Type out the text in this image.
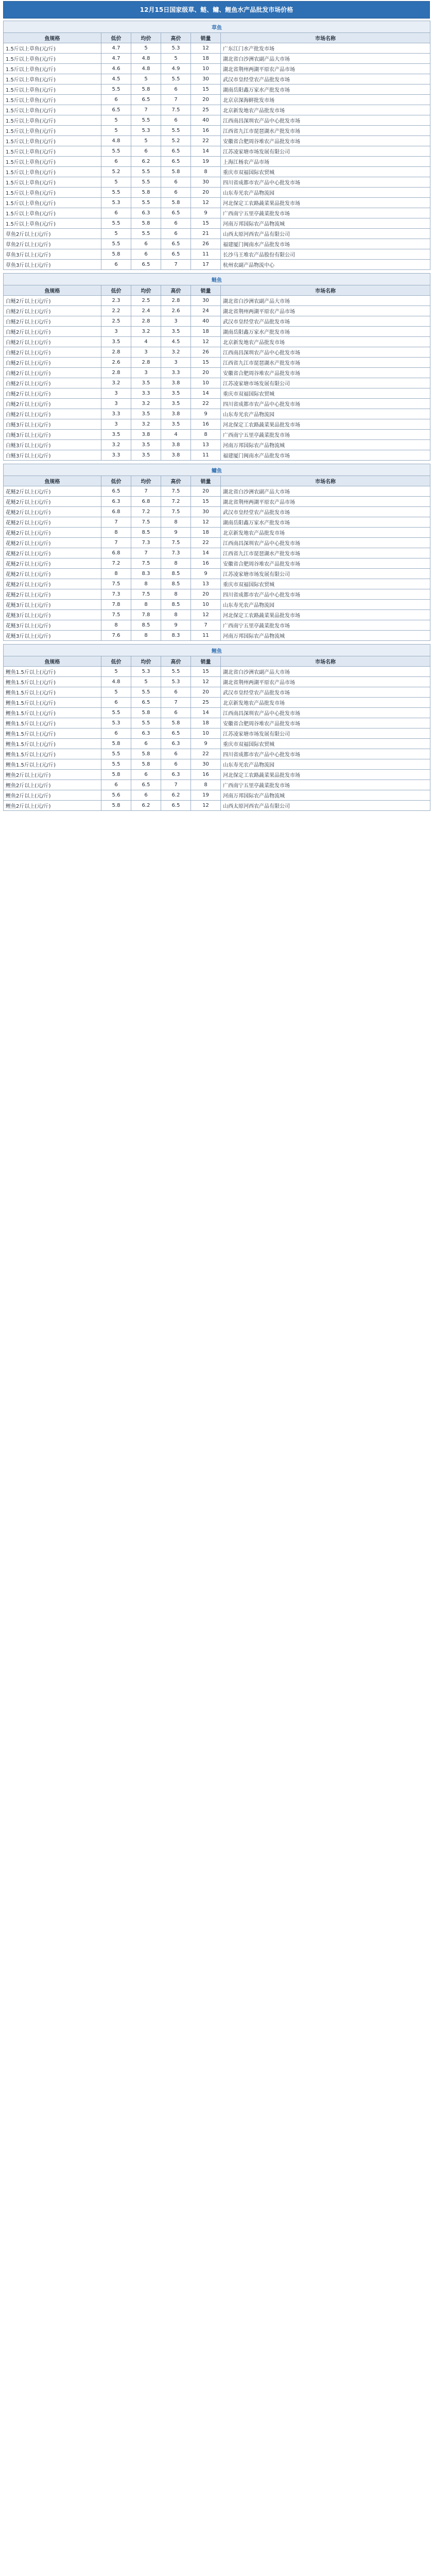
12月15日国家级草、鲢、鳙、鲤鱼水产品批发市场价格
草鱼					
鱼规格	低价	均价	高价	销量	市场名称
1.5斤以上草鱼(元/斤)	4.7	5	5.3	12	广东江门水产批发市场
1.5斤以上草鱼(元/斤)	4.7	4.8	5	18	湖北省白沙洲农副产品大市场
1.5斤以上草鱼(元/斤)	4.6	4.8	4.9	10	湖北省荆州两湖平原农产品市场
1.5斤以上草鱼(元/斤)	4.5	5	5.5	30	武汉市皇经堂农产品批发市场
1.5斤以上草鱼(元/斤)	5.5	5.8	6	15	湖南岳阳鑫万家水产批发市场
1.5斤以上草鱼(元/斤)	6	6.5	7	20	北京京深海鲜批发市场
1.5斤以上草鱼(元/斤)	6.5	7	7.5	25	北京新发地农产品批发市场
1.5斤以上草鱼(元/斤)	5	5.5	6	40	江西南昌深圳农产品中心批发市场
1.5斤以上草鱼(元/斤)	5	5.3	5.5	16	江西省九江市琵琶湖水产批发市场
1.5斤以上草鱼(元/斤)	4.8	5	5.2	22	安徽省合肥周谷堆农产品批发市场
1.5斤以上草鱼(元/斤)	5.5	6	6.5	14	江苏凌家塘市场发展有限公司
1.5斤以上草鱼(元/斤)	6	6.2	6.5	19	上海江杨农产品市场
1.5斤以上草鱼(元/斤)	5.2	5.5	5.8	8	重庆市双福国际农贸城
1.5斤以上草鱼(元/斤)	5	5.5	6	30	四川省成都市农产品中心批发市场
1.5斤以上草鱼(元/斤)	5.5	5.8	6	20	山东寿光农产品物流园
1.5斤以上草鱼(元/斤)	5.3	5.5	5.8	12	河北保定工农路蔬菜果品批发市场
1.5斤以上草鱼(元/斤)	6	6.3	6.5	9	广西南宁五里亭蔬菜批发市场
1.5斤以上草鱼(元/斤)	5.5	5.8	6	15	河南万邦国际农产品物流城
草鱼2斤以上(元/斤)	5	5.5	6	21	山西太原河西农产品有限公司
草鱼2斤以上(元/斤)	5.5	6	6.5	26	福建厦门闽南水产品批发市场
草鱼3斤以上(元/斤)	5.8	6	6.5	11	长沙马王堆农产品股份有限公司
草鱼3斤以上(元/斤)	6	6.5	7	17	杭州农副产品物流中心
鲢鱼					
鱼规格	低价	均价	高价	销量	市场名称
白鲢2斤以上(元/斤)	2.3	2.5	2.8	30	湖北省白沙洲农副产品大市场
白鲢2斤以上(元/斤)	2.2	2.4	2.6	24	湖北省荆州两湖平原农产品市场
白鲢2斤以上(元/斤)	2.5	2.8	3	40	武汉市皇经堂农产品批发市场
白鲢2斤以上(元/斤)	3	3.2	3.5	18	湖南岳阳鑫万家水产批发市场
白鲢2斤以上(元/斤)	3.5	4	4.5	12	北京新发地农产品批发市场
白鲢2斤以上(元/斤)	2.8	3	3.2	26	江西南昌深圳农产品中心批发市场
白鲢2斤以上(元/斤)	2.6	2.8	3	15	江西省九江市琵琶湖水产批发市场
白鲢2斤以上(元/斤)	2.8	3	3.3	20	安徽省合肥周谷堆农产品批发市场
白鲢2斤以上(元/斤)	3.2	3.5	3.8	10	江苏凌家塘市场发展有限公司
白鲢2斤以上(元/斤)	3	3.3	3.5	14	重庆市双福国际农贸城
白鲢2斤以上(元/斤)	3	3.2	3.5	22	四川省成都市农产品中心批发市场
白鲢2斤以上(元/斤)	3.3	3.5	3.8	9	山东寿光农产品物流园
白鲢3斤以上(元/斤)	3	3.2	3.5	16	河北保定工农路蔬菜果品批发市场
白鲢3斤以上(元/斤)	3.5	3.8	4	8	广西南宁五里亭蔬菜批发市场
白鲢3斤以上(元/斤)	3.2	3.5	3.8	13	河南万邦国际农产品物流城
白鲢3斤以上(元/斤)	3.3	3.5	3.8	11	福建厦门闽南水产品批发市场
鳙鱼					
鱼规格	低价	均价	高价	销量	市场名称
花鲢2斤以上(元/斤)	6.5	7	7.5	20	湖北省白沙洲农副产品大市场
花鲢2斤以上(元/斤)	6.3	6.8	7.2	15	湖北省荆州两湖平原农产品市场
花鲢2斤以上(元/斤)	6.8	7.2	7.5	30	武汉市皇经堂农产品批发市场
花鲢2斤以上(元/斤)	7	7.5	8	12	湖南岳阳鑫万家水产批发市场
花鲢2斤以上(元/斤)	8	8.5	9	18	北京新发地农产品批发市场
花鲢2斤以上(元/斤)	7	7.3	7.5	22	江西南昌深圳农产品中心批发市场
花鲢2斤以上(元/斤)	6.8	7	7.3	14	江西省九江市琵琶湖水产批发市场
花鲢2斤以上(元/斤)	7.2	7.5	8	16	安徽省合肥周谷堆农产品批发市场
花鲢2斤以上(元/斤)	8	8.3	8.5	9	江苏凌家塘市场发展有限公司
花鲢2斤以上(元/斤)	7.5	8	8.5	13	重庆市双福国际农贸城
花鲢2斤以上(元/斤)	7.3	7.5	8	20	四川省成都市农产品中心批发市场
花鲢3斤以上(元/斤)	7.8	8	8.5	10	山东寿光农产品物流园
花鲢3斤以上(元/斤)	7.5	7.8	8	12	河北保定工农路蔬菜果品批发市场
花鲢3斤以上(元/斤)	8	8.5	9	7	广西南宁五里亭蔬菜批发市场
花鲢3斤以上(元/斤)	7.6	8	8.3	11	河南万邦国际农产品物流城
鲤鱼					
鱼规格	低价	均价	高价	销量	市场名称
鲤鱼1.5斤以上(元/斤)	5	5.3	5.5	15	湖北省白沙洲农副产品大市场
鲤鱼1.5斤以上(元/斤)	4.8	5	5.3	12	湖北省荆州两湖平原农产品市场
鲤鱼1.5斤以上(元/斤)	5	5.5	6	20	武汉市皇经堂农产品批发市场
鲤鱼1.5斤以上(元/斤)	6	6.5	7	25	北京新发地农产品批发市场
鲤鱼1.5斤以上(元/斤)	5.5	5.8	6	14	江西南昌深圳农产品中心批发市场
鲤鱼1.5斤以上(元/斤)	5.3	5.5	5.8	18	安徽省合肥周谷堆农产品批发市场
鲤鱼1.5斤以上(元/斤)	6	6.3	6.5	10	江苏凌家塘市场发展有限公司
鲤鱼1.5斤以上(元/斤)	5.8	6	6.3	9	重庆市双福国际农贸城
鲤鱼1.5斤以上(元/斤)	5.5	5.8	6	22	四川省成都市农产品中心批发市场
鲤鱼1.5斤以上(元/斤)	5.5	5.8	6	30	山东寿光农产品物流园
鲤鱼2斤以上(元/斤)	5.8	6	6.3	16	河北保定工农路蔬菜果品批发市场
鲤鱼2斤以上(元/斤)	6	6.5	7	8	广西南宁五里亭蔬菜批发市场
鲤鱼2斤以上(元/斤)	5.6	6	6.2	19	河南万邦国际农产品物流城
鲤鱼2斤以上(元/斤)	5.8	6.2	6.5	12	山西太原河西农产品有限公司
